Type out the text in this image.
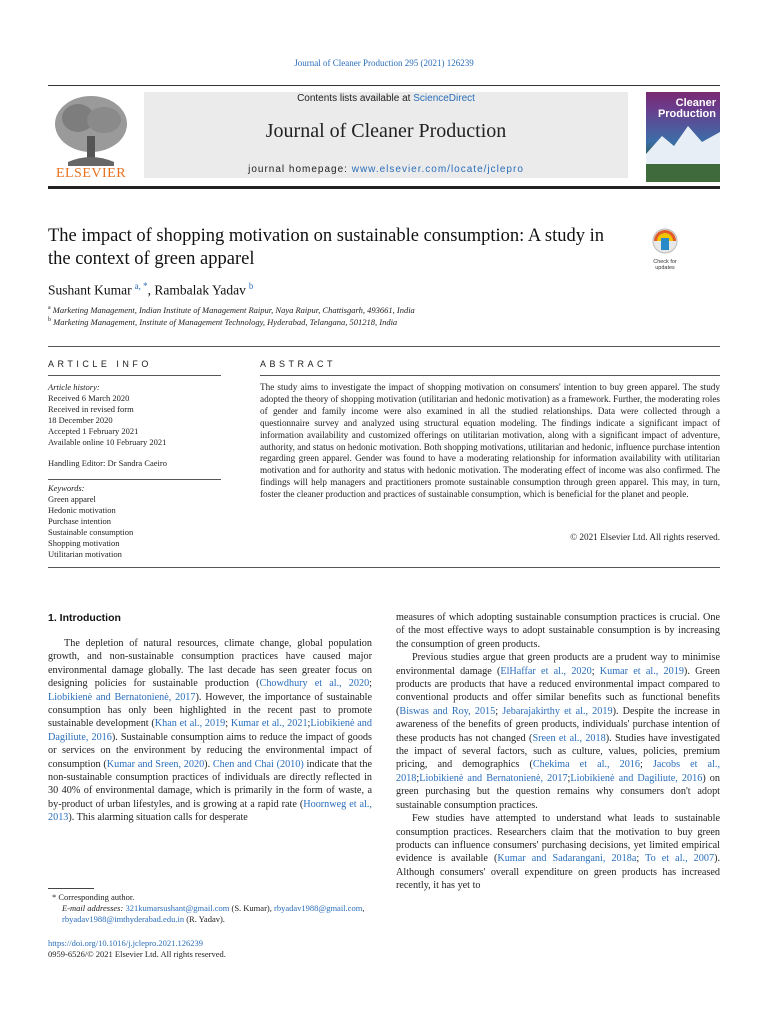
Journal of Cleaner Production 295 (2021) 126239
ELSEVIER
Contents lists available at ScienceDirect
Journal of Cleaner Production
journal homepage: www.elsevier.com/locate/jclepro
Cleaner
Production
The impact of shopping motivation on sustainable consumption: A study in the context of green apparel	Check for
updates
Sushant Kumar $^{a, *}$, Rambalak Yadav $^b$
$^a$ Marketing Management, Indian Institute of Management Raipur, Naya Raipur, Chattisgarh, 493661, India
$^b$ Marketing Management, Institute of Management Technology, Hyderabad, Telangana, 501218, India
ARTICLE INFO	ABSTRACT
Article history:
Received 6 March 2020
Received in revised form
18 December 2020
Accepted 1 February 2021
Available online 10 February 2021
Handling Editor: Dr Sandra Caeiro
Keywords:
Green apparel
Hedonic motivation
Purchase intention
Sustainable consumption
Shopping motivation
Utilitarian motivation
The study aims to investigate the impact of shopping motivation on consumers' intention to buy green apparel. The study adopted the theory of shopping motivation (utilitarian and hedonic motivation) as a framework. Further, the moderating roles of gender and family income were also examined in all the studied relationships. Data were collected through a questionnaire survey and analyzed using structural equation modeling. The findings indicate a significant impact of information availability and customized offerings on utilitarian motivation, along with a significant impact of adventure, authority, and status on hedonic motivation. Both shopping motivations, utilitarian and hedonic, influence purchase intention regarding green apparel. Gender was found to have a moderating relationship for information availability with utilitarian motivation and for authority and status with hedonic motivation. The moderating effect of income was also confirmed. The findings will help managers and practitioners promote sustainable consumption through green apparel. This may, in turn, foster the cleaner production and practices of sustainable consumption, which is beneficial for the planet and people.
© 2021 Elsevier Ltd. All rights reserved.
1. Introduction

The depletion of natural resources, climate change, global population growth, and non-sustainable consumption practices have caused major environmental damage globally. The last decade has seen greater focus on designing policies for sustainable production (Chowdhury et al., 2020; Liobikienė and Bernatonienė, 2017). However, the importance of sustainable consumption has only been highlighted in the recent past to promote sustainable development (Khan et al., 2019; Kumar et al., 2021;Liobikienė and Dagiliute, 2016). Sustainable consumption aims to reduce the impact of goods or services on the environment by reducing the environmental impact of consumption (Kumar and Sreen, 2020). Chen and Chai (2010) indicate that the non-sustainable consumption practices of individuals are directly reflected in 30 40% of environmental damage, which is primarily in the form of waste, a by-product of urban lifestyles, and is growing at a rapid rate (Hoornweg et al., 2013). This alarming situation calls for desperate

measures of which adopting sustainable consumption practices is crucial. One of the most effective ways to adopt sustainable consumption is by increasing the consumption of green products.

Previous studies argue that green products are a prudent way to minimise environmental damage (ElHaffar et al., 2020; Kumar et al., 2019). Green products are products that have a reduced environmental impact compared to conventional products and offer similar benefits such as functional benefits (Biswas and Roy, 2015; Jebarajakirthy et al., 2019). Despite the increase in awareness of the benefits of green products, individuals' purchase intention of these products has not changed (Sreen et al., 2018). Studies have investigated the impact of several factors, such as culture, values, policies, premium pricing, and demographics (Chekima et al., 2016; Jacobs et al., 2018;Liobikienė and Bernatonienė, 2017;Liobikienė and Dagiliute, 2016) on green purchasing but the question remains why consumers don't adopt sustainable consumption practices.

Few studies have attempted to understand what leads to sustainable consumption practices. Researchers claim that the motivation to buy green products can influence consumers' purchasing decisions, yet limited empirical evidence is available (Kumar and Sadarangani, 2018a; To et al., 2007). Although consumers' overall expenditure on green products has increased recently, it has yet to

* Corresponding author.
E-mail addresses: 321kumarsushant@gmail.com (S. Kumar), rbyadav1988@gmail.com, rbyadav1988@imthyderabad.edu.in (R. Yadav).
https://doi.org/10.1016/j.jclepro.2021.126239
0959-6526/© 2021 Elsevier Ltd. All rights reserved.
